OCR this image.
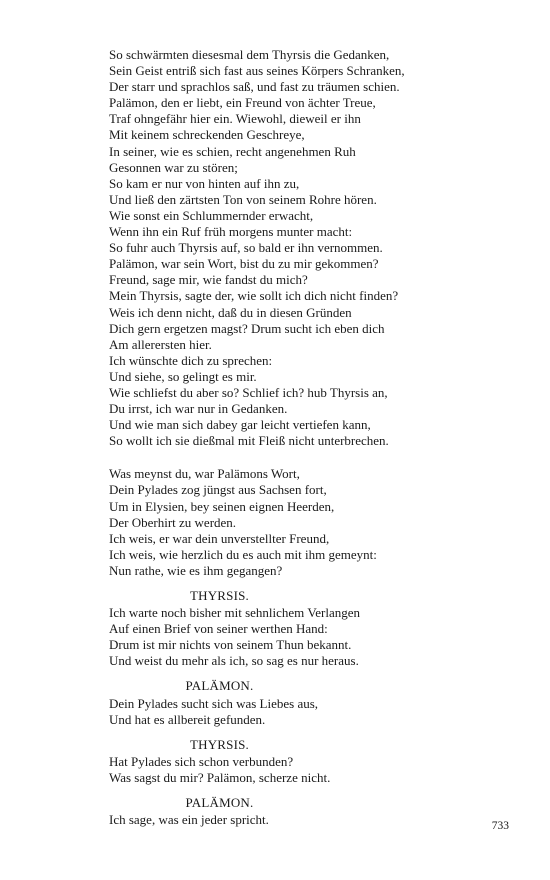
So schwärmten diesesmal dem Thyrsis die Gedanken,
Sein Geist entriß sich fast aus seines Körpers Schranken,
Der starr und sprachlos saß, und fast zu träumen schien.
Palämon, den er liebt, ein Freund von ächter Treue,
Traf ohngefähr hier ein. Wiewohl, dieweil er ihn
Mit keinem schreckenden Geschreye,
In seiner, wie es schien, recht angenehmen Ruh
Gesonnen war zu stören;
So kam er nur von hinten auf ihn zu,
Und ließ den zärtsten Ton von seinem Rohre hören.
Wie sonst ein Schlummernder erwacht,
Wenn ihn ein Ruf früh morgens munter macht:
So fuhr auch Thyrsis auf, so bald er ihn vernommen.
Palämon, war sein Wort, bist du zu mir gekommen?
Freund, sage mir, wie fandst du mich?
Mein Thyrsis, sagte der, wie sollt ich dich nicht finden?
Weis ich denn nicht, daß du in diesen Gründen
Dich gern ergetzen magst? Drum sucht ich eben dich
Am allerersten hier.
Ich wünschte dich zu sprechen:
Und siehe, so gelingt es mir.
Wie schliefst du aber so? Schlief ich? hub Thyrsis an,
Du irrst, ich war nur in Gedanken.
Und wie man sich dabey gar leicht vertiefen kann,
So wollt ich sie dießmal mit Fleiß nicht unterbrechen.
Was meynst du, war Palämons Wort,
Dein Pylades zog jüngst aus Sachsen fort,
Um in Elysien, bey seinen eignen Heerden,
Der Oberhirt zu werden.
Ich weis, er war dein unverstellter Freund,
Ich weis, wie herzlich du es auch mit ihm gemeynt:
Nun rathe, wie es ihm gegangen?
THYRSIS.
Ich warte noch bisher mit sehnlichem Verlangen
Auf einen Brief von seiner werthen Hand:
Drum ist mir nichts von seinem Thun bekannt.
Und weist du mehr als ich, so sag es nur heraus.
PALÄMON.
Dein Pylades sucht sich was Liebes aus,
Und hat es allbereit gefunden.
THYRSIS.
Hat Pylades sich schon verbunden?
Was sagst du mir? Palämon, scherze nicht.
PALÄMON.
Ich sage, was ein jeder spricht.	733
